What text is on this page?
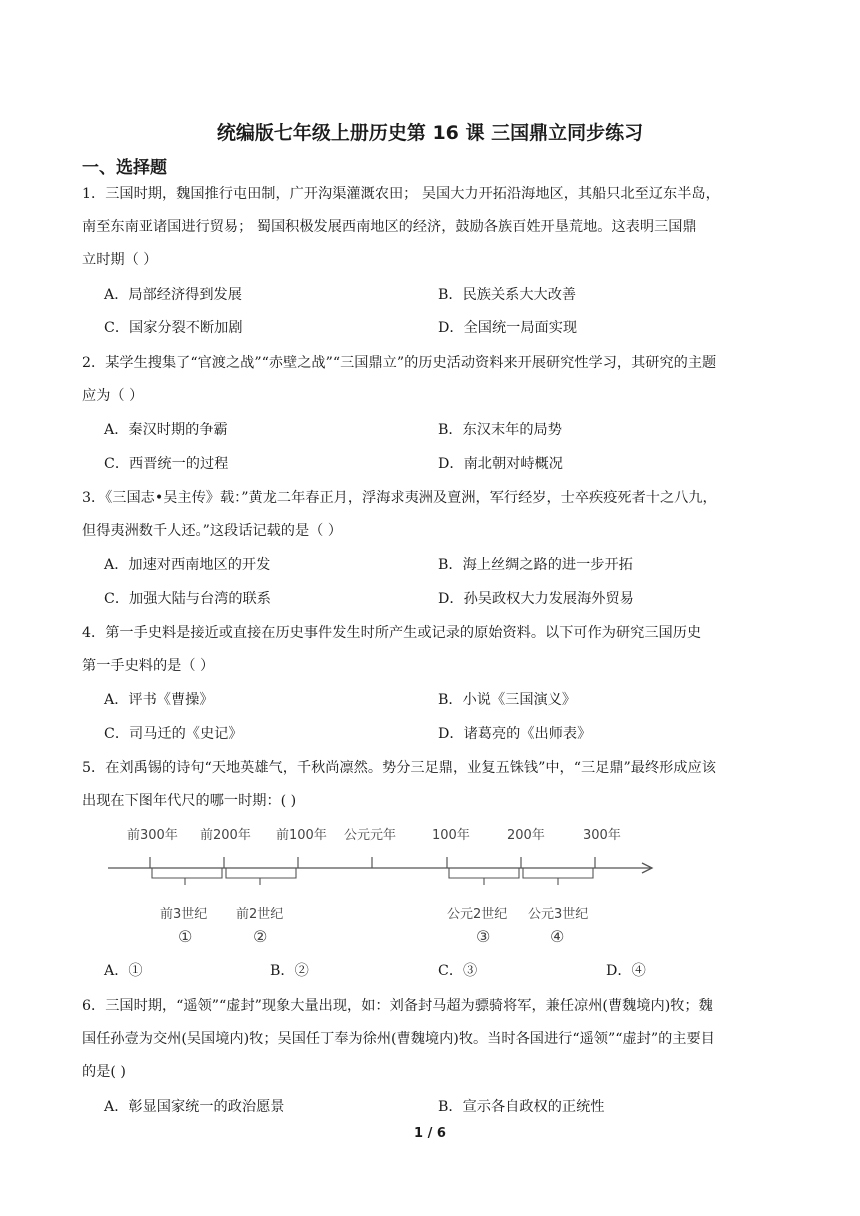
统编版七年级上册历史第 16 课 三国鼎立同步练习
一、选择题
1．三国时期，魏国推行屯田制，广开沟渠灌溉农田； 吴国大力开拓沿海地区，其船只北至辽东半岛，
南至东南亚诸国进行贸易； 蜀国积极发展西南地区的经济，鼓励各族百姓开垦荒地。这表明三国鼎
立时期（ ）
A．局部经济得到发展	B．民族关系大大改善
C．国家分裂不断加剧	D．全国统一局面实现
2．某学生搜集了“官渡之战”“赤壁之战”“三国鼎立”的历史活动资料来开展研究性学习，其研究的主题
应为（ ）
A．秦汉时期的争霸	B．东汉末年的局势
C．西晋统一的过程	D．南北朝对峙概况
3．《三国志•吴主传》载：”黄龙二年春正月，浮海求夷洲及亶洲，军行经岁，士卒疾疫死者十之八九，
但得夷洲数千人还。”这段话记载的是（ ）
A．加速对西南地区的开发	B．海上丝绸之路的进一步开拓
C．加强大陆与台湾的联系	D．孙吴政权大力发展海外贸易
4．第一手史料是接近或直接在历史事件发生时所产生或记录的原始资料。以下可作为研究三国历史
第一手史料的是（ ）
A．评书《曹操》	B．小说《三国演义》
C．司马迁的《史记》	D．诸葛亮的《出师表》
5．在刘禹锡的诗句“天地英雄气，千秋尚凛然。势分三足鼎，业复五铢钱”中，“三足鼎”最终形成应该
出现在下图年代尺的哪一时期：( )
前300年 前200年 前100年 公元元年	100年	200年	300年
前3世纪 前2世纪	公元2世纪 公元3世纪
①	②	③	④
A．①	B．②	C．③	D．④
6．三国时期，“遥领”“虚封”现象大量出现，如：刘备封马超为骠骑将军，兼任凉州(曹魏境内)牧；魏
国任孙壹为交州(吴国境内)牧；吴国任丁奉为徐州(曹魏境内)牧。当时各国进行“遥领”“虚封”的主要目
的是( )
A．彰显国家统一的政治愿景	B．宣示各自政权的正统性
1 / 6
